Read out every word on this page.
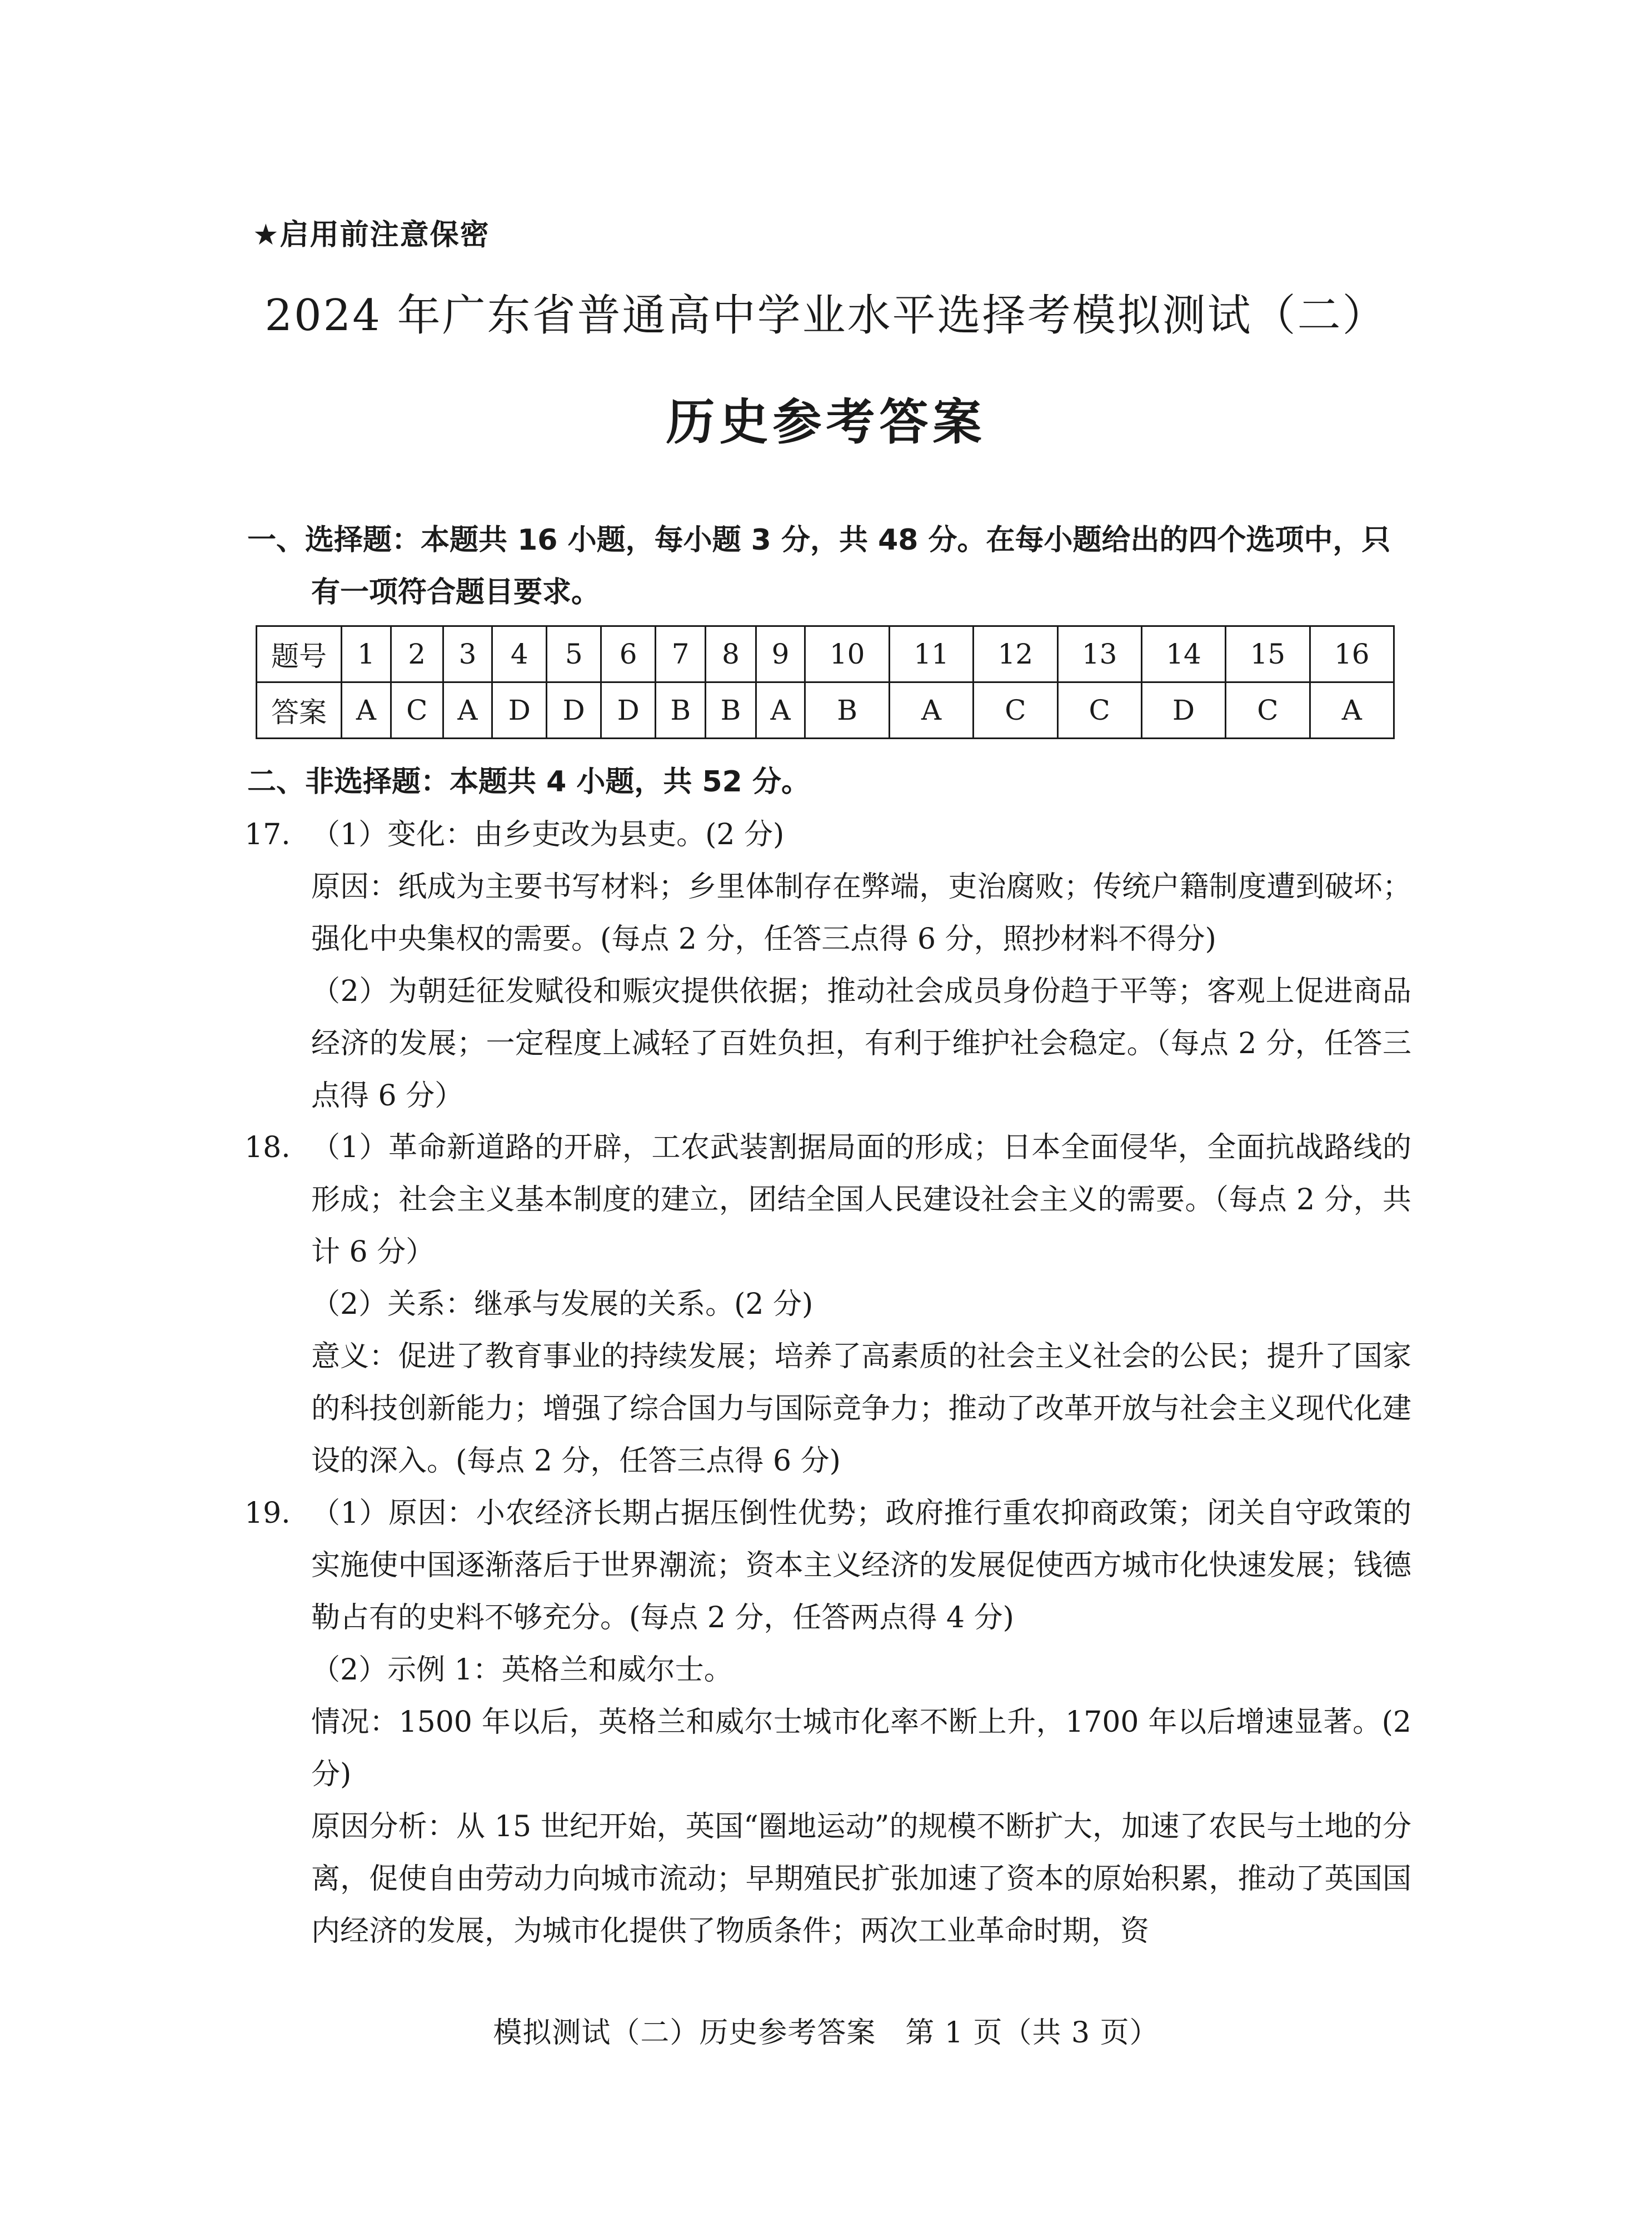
★启用前注意保密
2024 年广东省普通高中学业水平选择考模拟测试（二）
历史参考答案
一、选择题：本题共 16 小题，每小题 3 分，共 48 分。在每小题给出的四个选项中，只
有一项符合题目要求。
题号	1	2	3	4	5	6	7	8	9	10	11	12	13	14	15	16
答案	A	C	A	D	D	D	B	B	A	B	A	C	C	D	C	A
二、非选择题：本题共 4 小题，共 52 分。
17. （1）变化：由乡吏改为县吏。(2 分)
原因：纸成为主要书写材料；乡里体制存在弊端，吏治腐败；传统户籍制度遭到破坏；强化中央集权的需要。(每点 2 分，任答三点得 6 分，照抄材料不得分)
（2）为朝廷征发赋役和赈灾提供依据；推动社会成员身份趋于平等；客观上促进商品经济的发展；一定程度上减轻了百姓负担，有利于维护社会稳定。（每点 2 分，任答三点得 6 分）
18. （1）革命新道路的开辟，工农武装割据局面的形成；日本全面侵华，全面抗战路线的形成；社会主义基本制度的建立，团结全国人民建设社会主义的需要。（每点 2 分，共计 6 分）
（2）关系：继承与发展的关系。(2 分)
意义：促进了教育事业的持续发展；培养了高素质的社会主义社会的公民；提升了国家的科技创新能力；增强了综合国力与国际竞争力；推动了改革开放与社会主义现代化建设的深入。(每点 2 分，任答三点得 6 分)
19. （1）原因：小农经济长期占据压倒性优势；政府推行重农抑商政策；闭关自守政策的实施使中国逐渐落后于世界潮流；资本主义经济的发展促使西方城市化快速发展；钱德勒占有的史料不够充分。(每点 2 分，任答两点得 4 分)
（2）示例 1：英格兰和威尔士。
情况：1500 年以后，英格兰和威尔士城市化率不断上升，1700 年以后增速显著。(2 分)
原因分析：从 15 世纪开始，英国“圈地运动”的规模不断扩大，加速了农民与土地的分离，促使自由劳动力向城市流动；早期殖民扩张加速了资本的原始积累，推动了英国国内经济的发展，为城市化提供了物质条件；两次工业革命时期，资
模拟测试（二）历史参考答案　第 1 页（共 3 页）
